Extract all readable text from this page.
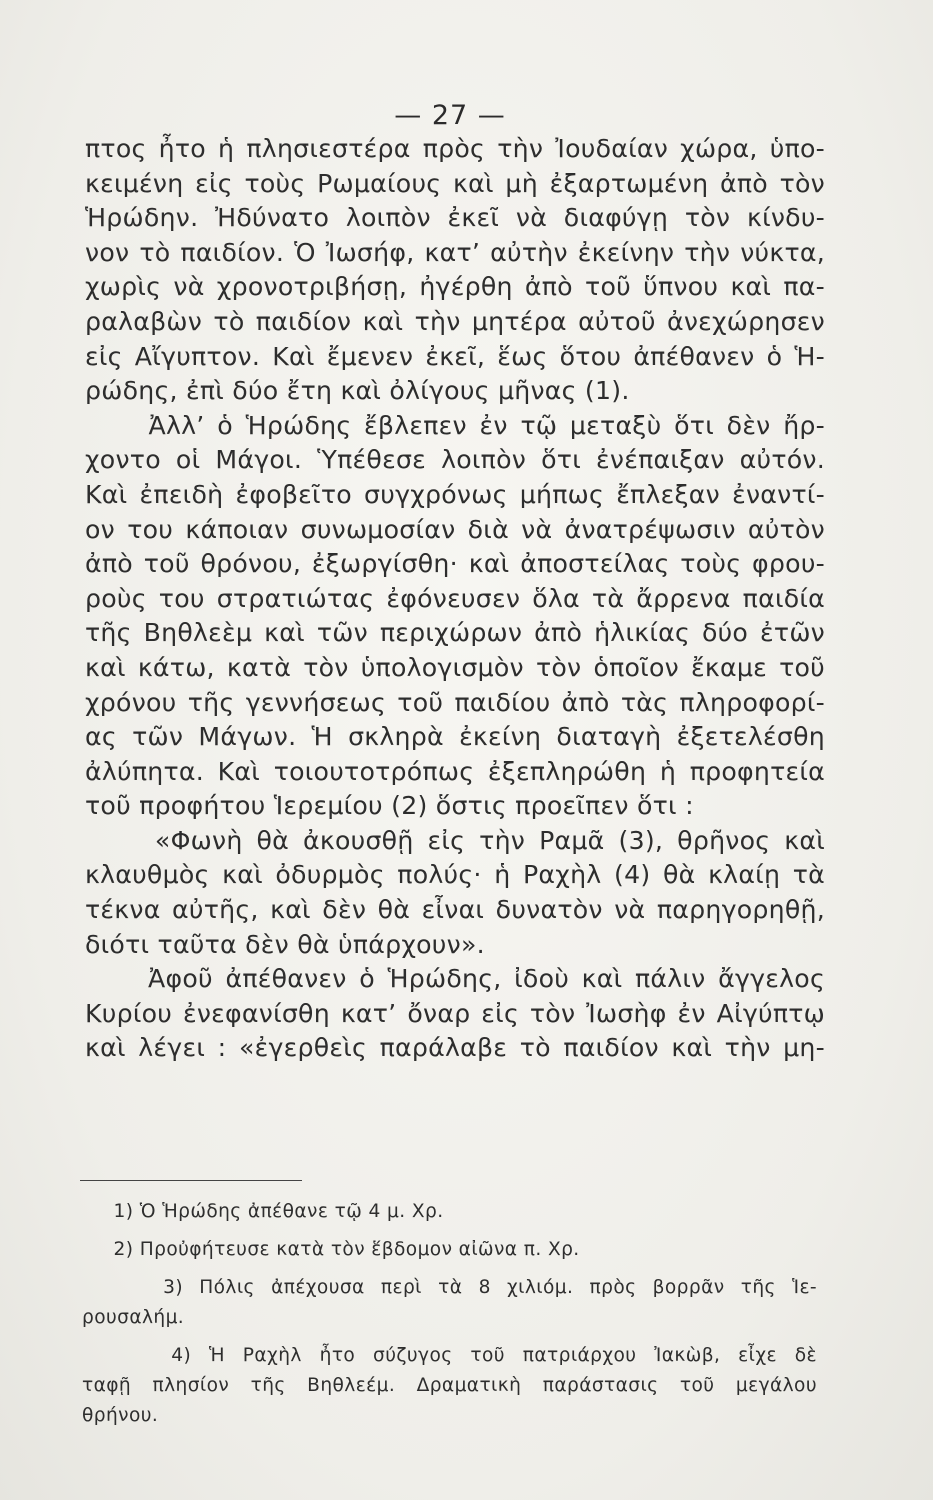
— 27 —
πτος ἦτο ἡ πλησιεστέρα πρὸς τὴν Ἰουδαίαν χώρα, ὑπο-
κειμένη εἰς τοὺς Ρωμαίους καὶ μὴ ἐξαρτωμένη ἀπὸ τὸν
Ἡρώδην. Ἠδύνατο λοιπὸν ἐκεῖ νὰ διαφύγῃ τὸν κίνδυ-
νον τὸ παιδίον. Ὁ Ἰωσήφ, κατ’ αὐτὴν ἐκείνην τὴν νύκτα,
χωρὶς νὰ χρονοτριβήσῃ, ἠγέρθη ἀπὸ τοῦ ὕπνου καὶ πα-
ραλαβὼν τὸ παιδίον καὶ τὴν μητέρα αὐτοῦ ἀνεχώρησεν
εἰς Αἴγυπτον. Καὶ ἔμενεν ἐκεῖ, ἕως ὅτου ἀπέθανεν ὁ Ἡ-
ρώδης, ἐπὶ δύο ἔτη καὶ ὀλίγους μῆνας (1).
Ἀλλ’ ὁ Ἡρώδης ἔβλεπεν ἐν τῷ μεταξὺ ὅτι δὲν ἤρ-
χοντο οἱ Μάγοι. Ὑπέθεσε λοιπὸν ὅτι ἐνέπαιξαν αὐτόν.
Καὶ ἐπειδὴ ἐφοβεῖτο συγχρόνως μήπως ἔπλεξαν ἐναντί-
ον του κάποιαν συνωμοσίαν διὰ νὰ ἀνατρέψωσιν αὐτὸν
ἀπὸ τοῦ θρόνου, ἐξωργίσθη· καὶ ἀποστείλας τοὺς φρου-
ροὺς του στρατιώτας ἐφόνευσεν ὅλα τὰ ἄρρενα παιδία
τῆς Βηθλεὲμ καὶ τῶν περιχώρων ἀπὸ ἡλικίας δύο ἐτῶν
καὶ κάτω, κατὰ τὸν ὑπολογισμὸν τὸν ὁποῖον ἔκαμε τοῦ
χρόνου τῆς γεννήσεως τοῦ παιδίου ἀπὸ τὰς πληροφορί-
ας τῶν Μάγων. Ἡ σκληρὰ ἐκείνη διαταγὴ ἐξετελέσθη
ἀλύπητα. Καὶ τοιουτοτρόπως ἐξεπληρώθη ἡ προφητεία
τοῦ προφήτου Ἱερεμίου (2) ὅστις προεῖπεν ὅτι :
«Φωνὴ θὰ ἀκουσθῇ εἰς τὴν Ραμᾶ (3), θρῆνος καὶ
κλαυθμὸς καὶ ὀδυρμὸς πολύς· ἡ Ραχὴλ (4) θὰ κλαίῃ τὰ
τέκνα αὐτῆς, καὶ δὲν θὰ εἶναι δυνατὸν νὰ παρηγορηθῇ,
διότι ταῦτα δὲν θὰ ὑπάρχουν».
Ἀφοῦ ἀπέθανεν ὁ Ἡρώδης, ἰδοὺ καὶ πάλιν ἄγγελος
Κυρίου ἐνεφανίσθη κατ’ ὄναρ εἰς τὸν Ἰωσὴφ ἐν Αἰγύπτῳ
καὶ λέγει : «ἐγερθεὶς παράλαβε τὸ παιδίον καὶ τὴν μη-
1) Ὁ Ἡρώδης ἀπέθανε τῷ 4 μ. Χρ.
2) Προὐφήτευσε κατὰ τὸν ἕβδομον αἰῶνα π. Χρ.
3) Πόλις ἀπέχουσα περὶ τὰ 8 χιλιόμ. πρὸς βορρᾶν τῆς Ἱε-
ρουσαλήμ.
4) Ἡ Ραχὴλ ἦτο σύζυγος τοῦ πατριάρχου Ἰακὼβ, εἶχε δὲ
ταφῇ πλησίον τῆς Βηθλεέμ. Δραματικὴ παράστασις τοῦ μεγάλου
θρήνου.
